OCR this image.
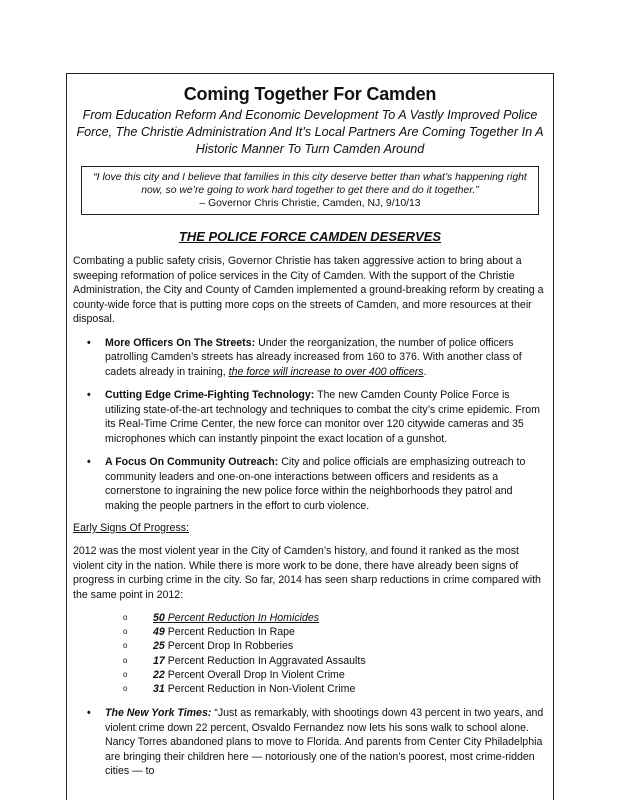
Coming Together For Camden
From Education Reform And Economic Development To A Vastly Improved Police Force, The Christie Administration And It’s Local Partners Are Coming Together In A Historic Manner To Turn Camden Around
“I love this city and I believe that families in this city deserve better than what’s happening right now, so we’re going to work hard together to get there and do it together.”
– Governor Chris Christie, Camden, NJ, 9/10/13
THE POLICE FORCE CAMDEN DESERVES

Combating a public safety crisis, Governor Christie has taken aggressive action to bring about a sweeping reformation of police services in the City of Camden. With the support of the Christie Administration, the City and County of Camden implemented a ground-breaking reform by creating a county-wide force that is putting more cops on the streets of Camden, and more resources at their disposal.

• More Officers On The Streets: Under the reorganization, the number of police officers patrolling Camden’s streets has already increased from 160 to 376. With another class of cadets already in training, the force will increase to over 400 officers.
• Cutting Edge Crime-Fighting Technology: The new Camden County Police Force is utilizing state-of-the-art technology and techniques to combat the city’s crime epidemic. From its Real-Time Crime Center, the new force can monitor over 120 citywide cameras and 35 microphones which can instantly pinpoint the exact location of a gunshot.
• A Focus On Community Outreach: City and police officials are emphasizing outreach to community leaders and one-on-one interactions between officers and residents as a cornerstone to ingraining the new police force within the neighborhoods they patrol and making the people partners in the effort to curb violence.
Early Signs Of Progress:

2012 was the most violent year in the City of Camden’s history, and found it ranked as the most violent city in the nation. While there is more work to be done, there have already been signs of progress in curbing crime in the city. So far, 2014 has seen sharp reductions in crime compared with the same point in 2012:

o 50 Percent Reduction In Homicides
o 49 Percent Reduction In Rape
o 25 Percent Drop In Robberies
o 17 Percent Reduction In Aggravated Assaults
o 22 Percent Overall Drop In Violent Crime
o 31 Percent Reduction in Non-Violent Crime
• The New York Times: “Just as remarkably, with shootings down 43 percent in two years, and violent crime down 22 percent, Osvaldo Fernandez now lets his sons walk to school alone. Nancy Torres abandoned plans to move to Florida. And parents from Center City Philadelphia are bringing their children here — notoriously one of the nation’s poorest, most crime-ridden cities — to
